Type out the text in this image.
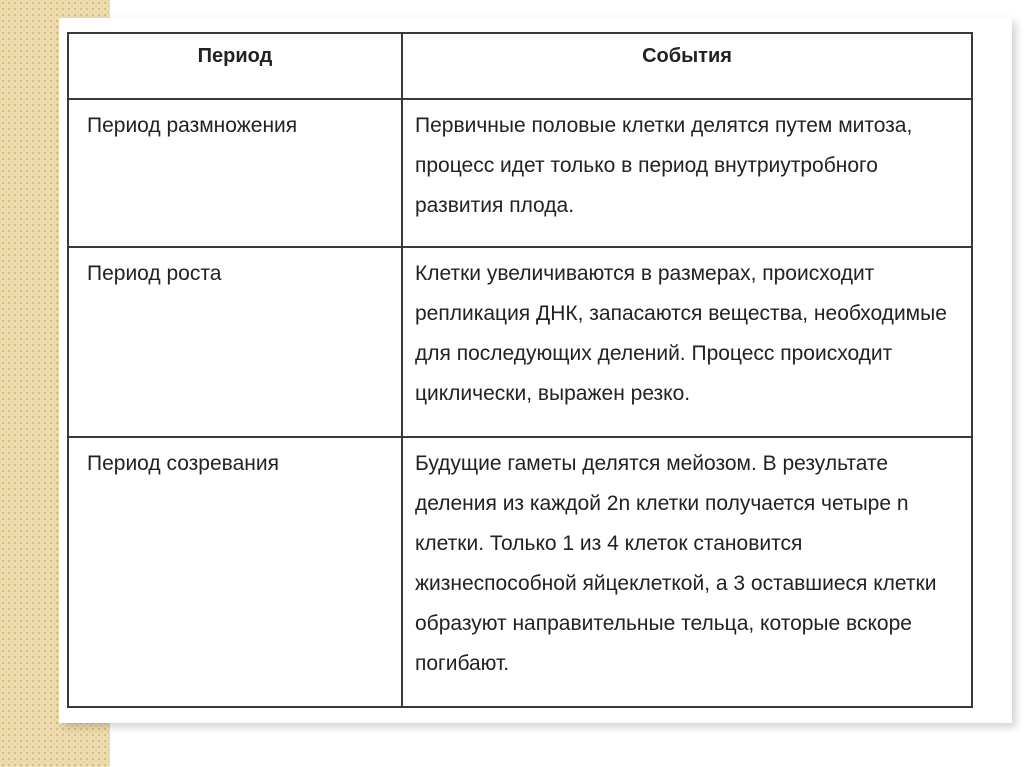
Период	События
Период размножения	Первичные половые клетки делятся путем митоза, процесс идет только в период внутриутробного развития плода.
Период роста	Клетки увеличиваются в размерах, происходит репликация ДНК, запасаются вещества, необходимые для последующих делений. Процесс происходит циклически, выражен резко.
Период созревания	Будущие гаметы делятся мейозом. В результате деления из каждой 2n клетки получается четыре n клетки. Только 1 из 4 клеток становится жизнеспособной яйцеклеткой, а 3 оставшиеся клетки образуют направительные тельца, которые вскоре погибают.
